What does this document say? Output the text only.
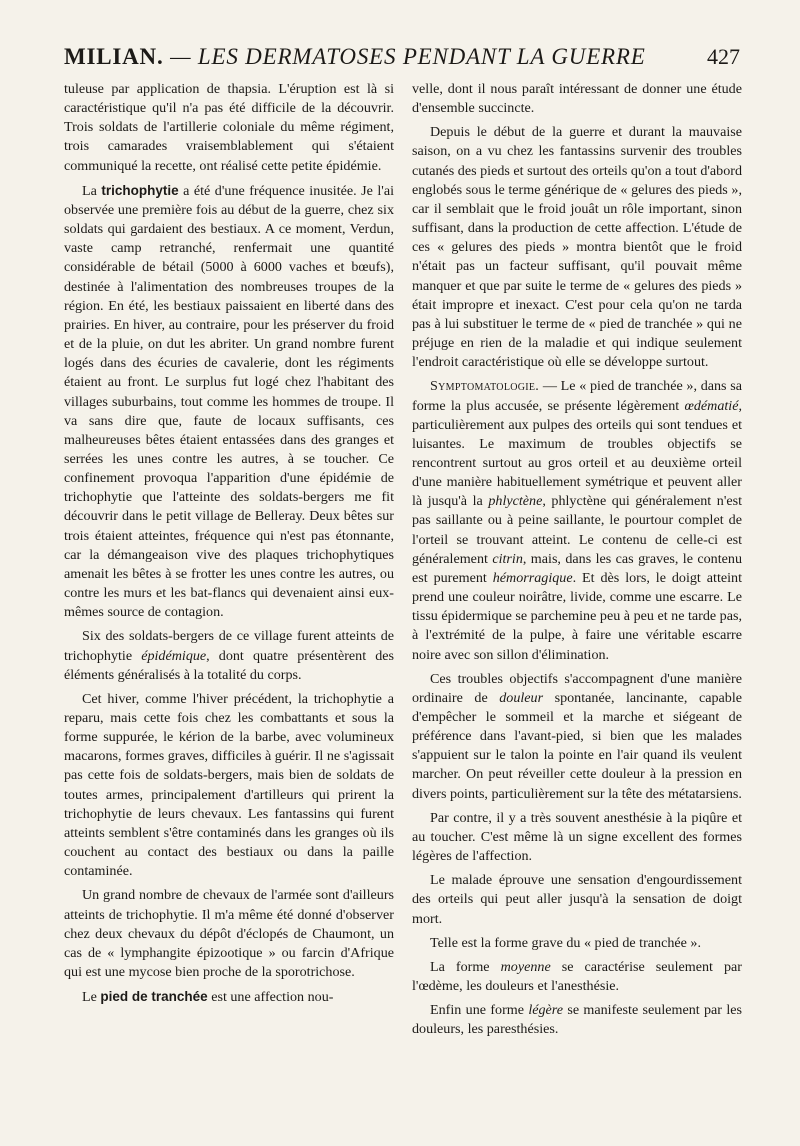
MILIAN. — LES DERMATOSES PENDANT LA GUERRE	427

tuleuse par application de thapsia. L'éruption est là si caractéristique qu'il n'a pas été difficile de la découvrir. Trois soldats de l'artillerie coloniale du même régiment, trois camarades vraisemblablement qui s'étaient communiqué la recette, ont réalisé cette petite épidémie.

La trichophytie a été d'une fréquence inusitée. Je l'ai observée une première fois au début de la guerre, chez six soldats qui gardaient des bestiaux. A ce moment, Verdun, vaste camp retranché, renfermait une quantité considérable de bétail (5000 à 6000 vaches et bœufs), destinée à l'alimentation des nombreuses troupes de la région. En été, les bestiaux paissaient en liberté dans des prairies. En hiver, au contraire, pour les préserver du froid et de la pluie, on dut les abriter. Un grand nombre furent logés dans des écuries de cavalerie, dont les régiments étaient au front. Le surplus fut logé chez l'habitant des villages suburbains, tout comme les hommes de troupe. Il va sans dire que, faute de locaux suffisants, ces malheureuses bêtes étaient entassées dans des granges et serrées les unes contre les autres, à se toucher. Ce confinement provoqua l'apparition d'une épidémie de trichophytie que l'atteinte des soldats-bergers me fit découvrir dans le petit village de Belleray. Deux bêtes sur trois étaient atteintes, fréquence qui n'est pas étonnante, car la démangeaison vive des plaques trichophytiques amenait les bêtes à se frotter les unes contre les autres, ou contre les murs et les bat-flancs qui devenaient ainsi eux-mêmes source de contagion.

Six des soldats-bergers de ce village furent atteints de trichophytie épidémique, dont quatre présentèrent des éléments généralisés à la totalité du corps.

Cet hiver, comme l'hiver précédent, la trichophytie a reparu, mais cette fois chez les combattants et sous la forme suppurée, le kérion de la barbe, avec volumineux macarons, formes graves, difficiles à guérir. Il ne s'agissait pas cette fois de soldats-bergers, mais bien de soldats de toutes armes, principalement d'artilleurs qui prirent la trichophytie de leurs chevaux. Les fantassins qui furent atteints semblent s'être contaminés dans les granges où ils couchent au contact des bestiaux ou dans la paille contaminée.

Un grand nombre de chevaux de l'armée sont d'ailleurs atteints de trichophytie. Il m'a même été donné d'observer chez deux chevaux du dépôt d'éclopés de Chaumont, un cas de « lymphangite épizootique » ou farcin d'Afrique qui est une mycose bien proche de la sporotrichose.

Le pied de tranchée est une affection nou-

velle, dont il nous paraît intéressant de donner une étude d'ensemble succincte.

Depuis le début de la guerre et durant la mauvaise saison, on a vu chez les fantassins survenir des troubles cutanés des pieds et surtout des orteils qu'on a tout d'abord englobés sous le terme générique de « gelures des pieds », car il semblait que le froid jouât un rôle important, sinon suffisant, dans la production de cette affection. L'étude de ces « gelures des pieds » montra bientôt que le froid n'était pas un facteur suffisant, qu'il pouvait même manquer et que par suite le terme de « gelures des pieds » était impropre et inexact. C'est pour cela qu'on ne tarda pas à lui substituer le terme de « pied de tranchée » qui ne préjuge en rien de la maladie et qui indique seulement l'endroit caractéristique où elle se développe surtout.

Symptomatologie. — Le « pied de tranchée », dans sa forme la plus accusée, se présente légèrement œdématié, particulièrement aux pulpes des orteils qui sont tendues et luisantes. Le maximum de troubles objectifs se rencontrent surtout au gros orteil et au deuxième orteil d'une manière habituellement symétrique et peuvent aller là jusqu'à la phlyctène, phlyctène qui généralement n'est pas saillante ou à peine saillante, le pourtour complet de l'orteil se trouvant atteint. Le contenu de celle-ci est généralement citrin, mais, dans les cas graves, le contenu est purement hémorragique. Et dès lors, le doigt atteint prend une couleur noirâtre, livide, comme une escarre. Le tissu épidermique se parchemine peu à peu et ne tarde pas, à l'extrémité de la pulpe, à faire une véritable escarre noire avec son sillon d'élimination.

Ces troubles objectifs s'accompagnent d'une manière ordinaire de douleur spontanée, lancinante, capable d'empêcher le sommeil et la marche et siégeant de préférence dans l'avant-pied, si bien que les malades s'appuient sur le talon la pointe en l'air quand ils veulent marcher. On peut réveiller cette douleur à la pression en divers points, particulièrement sur la tête des métatarsiens.

Par contre, il y a très souvent anesthésie à la piqûre et au toucher. C'est même là un signe excellent des formes légères de l'affection.

Le malade éprouve une sensation d'engourdissement des orteils qui peut aller jusqu'à la sensation de doigt mort.

Telle est la forme grave du « pied de tranchée ».

La forme moyenne se caractérise seulement par l'œdème, les douleurs et l'anesthésie.

Enfin une forme légère se manifeste seulement par les douleurs, les paresthésies.
